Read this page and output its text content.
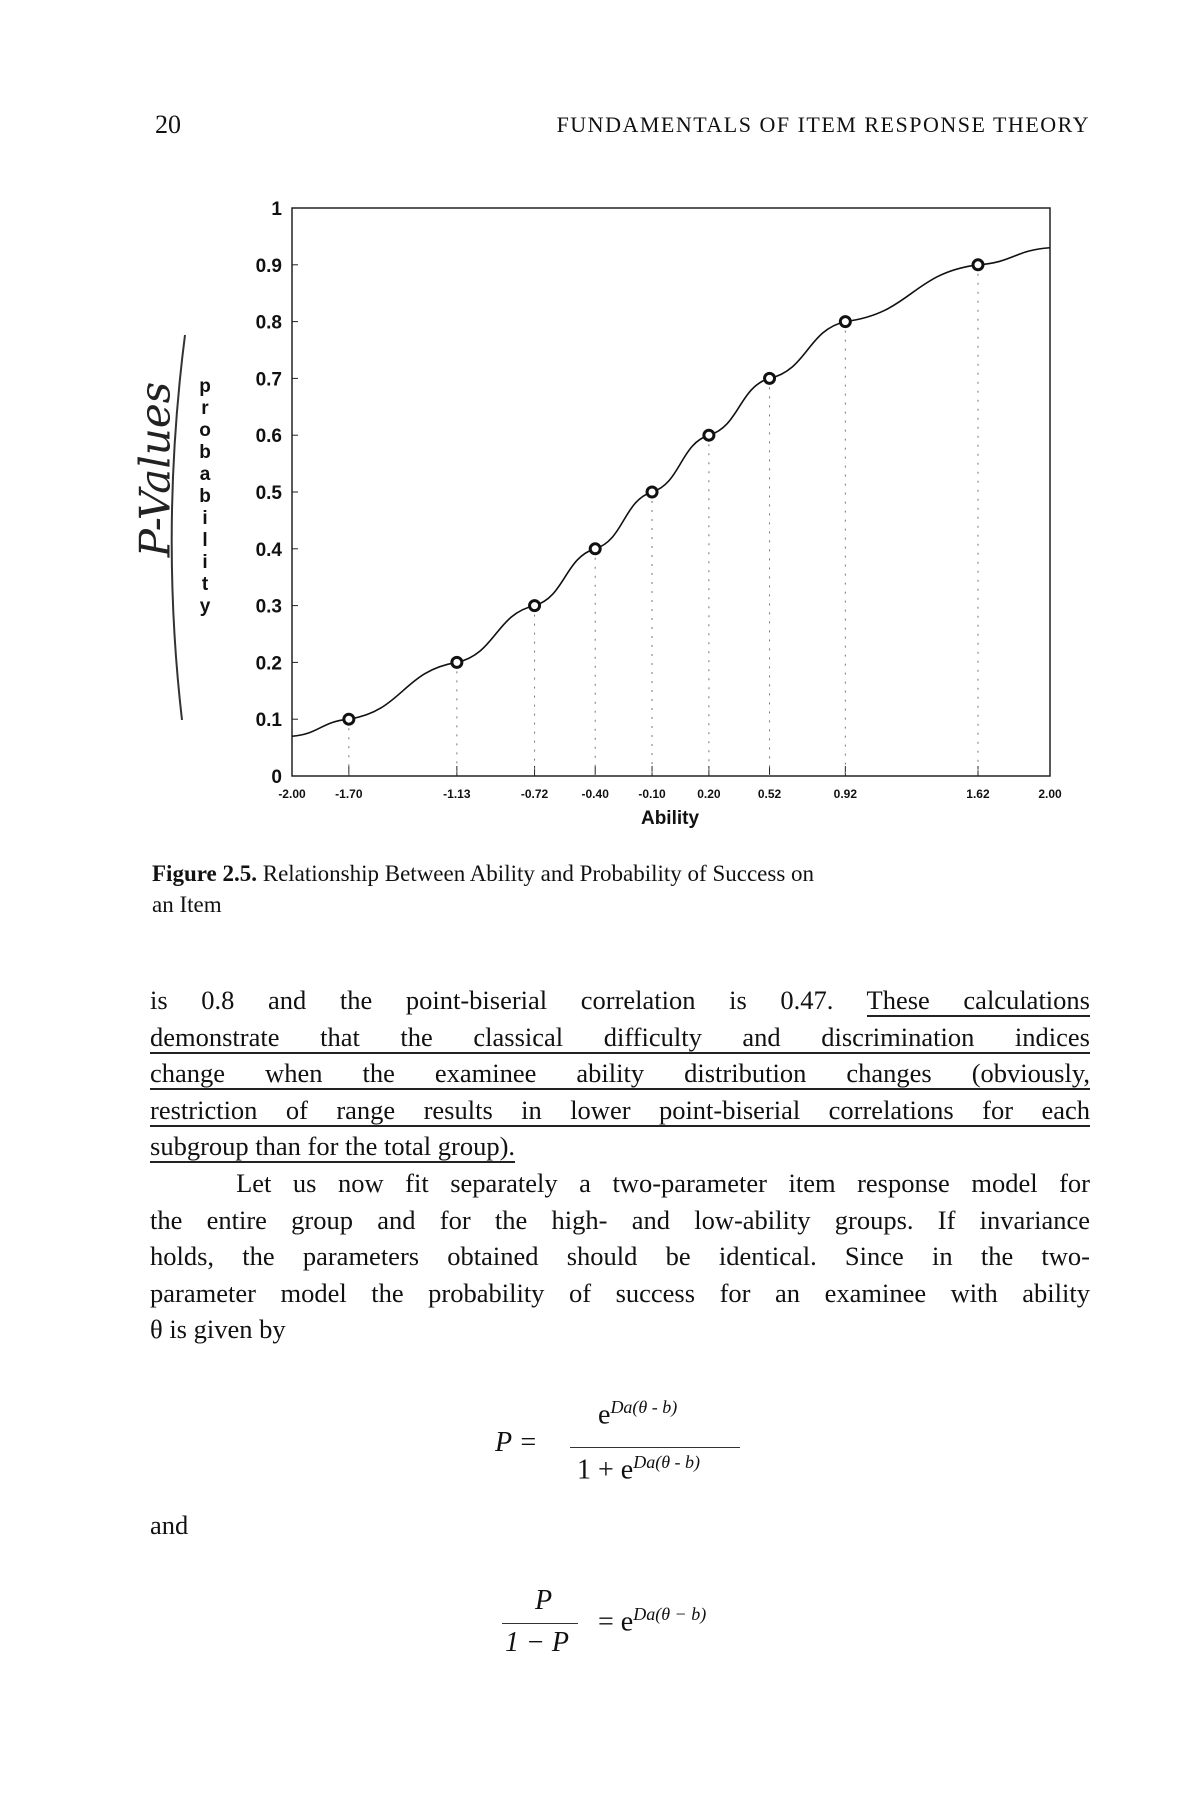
20	FUNDAMENTALS OF ITEM RESPONSE THEORY
P-Values
0
0.1
0.2
0.3
0.4
0.5
0.6
0.7
0.8
0.9
1
-2.00 -1.70	-1.13	-0.72	-0.40 -0.10	0.20	0.52	0.92	1.62	2.00
p
r
o
b
a
b
i
l
i
t
y
Ability
Figure 2.5. Relationship Between Ability and Probability of Success on
an Item
is 0.8 and the point-biserial correlation is 0.47. These calculations
demonstrate that the classical difficulty and discrimination indices
change when the examinee ability distribution changes (obviously,
restriction of range results in lower point-biserial correlations for each
subgroup than for the total group).
Let us now fit separately a two-parameter item response model for
the entire group and for the high- and low-ability groups. If invariance
holds, the parameters obtained should be identical. Since in the two-
parameter model the probability of success for an examinee with ability
θ is given by
P =
$e^{Da(\theta - b)}$
$1 + e^{Da(\theta - b)}$
and
P
1 − P
= $e^{Da(\theta - b)}$
